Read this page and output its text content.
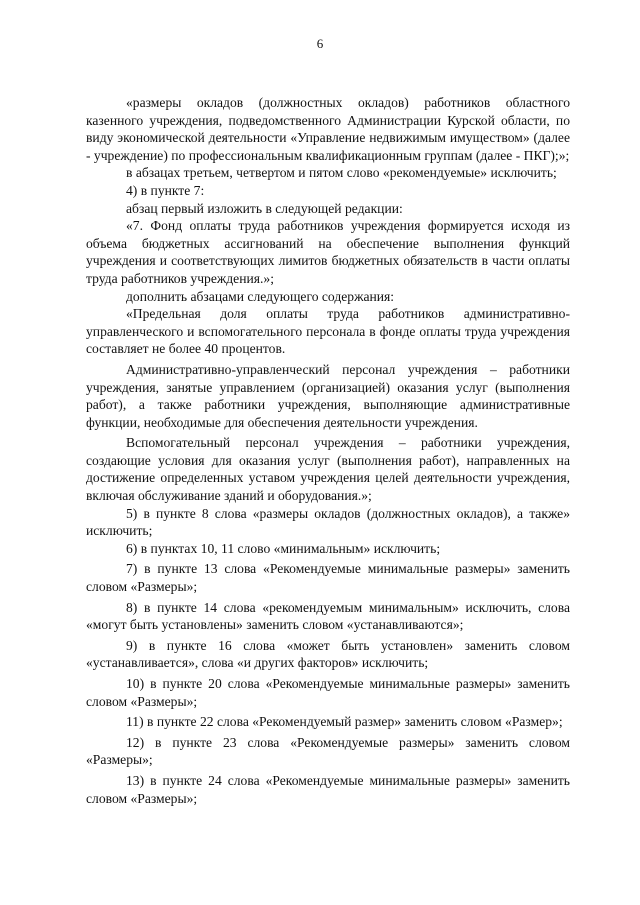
6

«размеры окладов (должностных окладов) работников областного казенного учреждения, подведомственного Администрации Курской области, по виду экономической деятельности «Управление недвижимым имуществом» (далее - учреждение) по профессиональным квалификационным группам (далее - ПКГ);»;

в абзацах третьем, четвертом и пятом слово «рекомендуемые» исключить;

4) в пункте 7:

абзац первый изложить в следующей редакции:

«7. Фонд оплаты труда работников учреждения формируется исходя из объема бюджетных ассигнований на обеспечение выполнения функций учреждения и соответствующих лимитов бюджетных обязательств в части оплаты труда работников учреждения.»;

дополнить абзацами следующего содержания:

«Предельная доля оплаты труда работников административно-управленческого и вспомогательного персонала в фонде оплаты труда учреждения составляет не более 40 процентов.

Административно-управленческий персонал учреждения – работники учреждения, занятые управлением (организацией) оказания услуг (выполнения работ), а также работники учреждения, выполняющие административные функции, необходимые для обеспечения деятельности учреждения.

Вспомогательный персонал учреждения – работники учреждения, создающие условия для оказания услуг (выполнения работ), направленных на достижение определенных уставом учреждения целей деятельности учреждения, включая обслуживание зданий и оборудования.»;

5) в пункте 8 слова «размеры окладов (должностных окладов), а также» исключить;

6) в пунктах 10, 11 слово «минимальным» исключить;

7) в пункте 13 слова «Рекомендуемые минимальные размеры» заменить словом «Размеры»;

8) в пункте 14 слова «рекомендуемым минимальным» исключить, слова «могут быть установлены» заменить словом «устанавливаются»;

9) в пункте 16 слова «может быть установлен» заменить словом «устанавливается», слова «и других факторов» исключить;

10) в пункте 20 слова «Рекомендуемые минимальные размеры» заменить словом «Размеры»;

11) в пункте 22 слова «Рекомендуемый размер» заменить словом «Размер»;

12) в пункте 23 слова «Рекомендуемые размеры» заменить словом «Размеры»;

13) в пункте 24 слова «Рекомендуемые минимальные размеры» заменить словом «Размеры»;
